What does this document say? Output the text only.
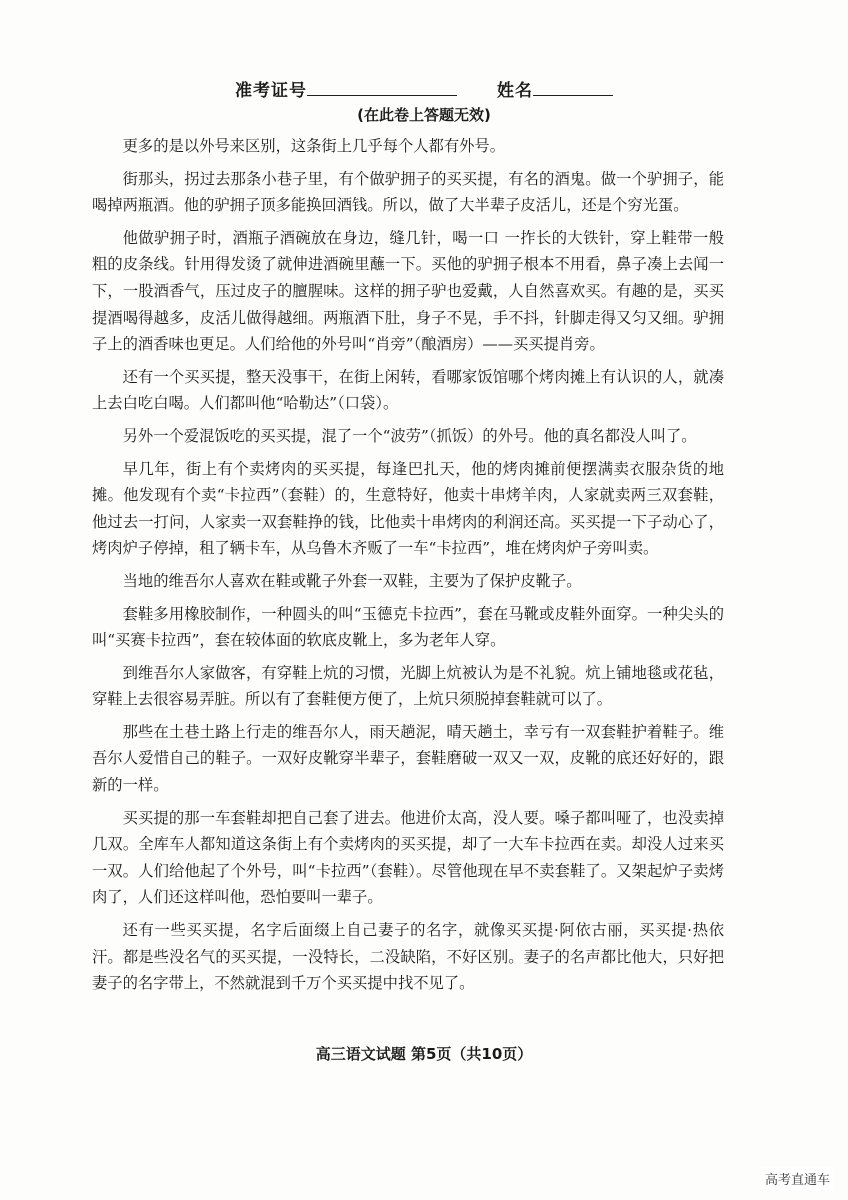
准考证号	姓名
(在此卷上答题无效)

更多的是以外号来区别，这条街上几乎每个人都有外号。

街那头，拐过去那条小巷子里，有个做驴拥子的买买提，有名的酒鬼。做一个驴拥子，能喝掉两瓶酒。他的驴拥子顶多能换回酒钱。所以，做了大半辈子皮活儿，还是个穷光蛋。

他做驴拥子时，酒瓶子酒碗放在身边，缝几针，喝一口 一拃长的大铁针，穿上鞋带一般粗的皮条线。针用得发烫了就伸进酒碗里蘸一下。买他的驴拥子根本不用看，鼻子凑上去闻一下，一股酒香气，压过皮子的膻腥味。这样的拥子驴也爱戴，人自然喜欢买。有趣的是，买买提酒喝得越多，皮活儿做得越细。两瓶酒下肚，身子不晃，手不抖，针脚走得又匀又细。驴拥子上的酒香味也更足。人们给他的外号叫“肖旁”（酿酒房）——买买提肖旁。

还有一个买买提，整天没事干，在街上闲转，看哪家饭馆哪个烤肉摊上有认识的人，就凑上去白吃白喝。人们都叫他“哈勒达”（口袋）。

另外一个爱混饭吃的买买提，混了一个“波劳”（抓饭）的外号。他的真名都没人叫了。

早几年，街上有个卖烤肉的买买提，每逢巴扎天，他的烤肉摊前便摆满卖衣服杂货的地摊。他发现有个卖“卡拉西”（套鞋）的，生意特好，他卖十串烤羊肉，人家就卖两三双套鞋，他过去一打问，人家卖一双套鞋挣的钱，比他卖十串烤肉的利润还高。买买提一下子动心了，烤肉炉子停掉，租了辆卡车，从乌鲁木齐贩了一车“卡拉西”，堆在烤肉炉子旁叫卖。

当地的维吾尔人喜欢在鞋或靴子外套一双鞋，主要为了保护皮靴子。

套鞋多用橡胶制作，一种圆头的叫“玉德克卡拉西”，套在马靴或皮鞋外面穿。一种尖头的叫“买赛卡拉西”，套在较体面的软底皮靴上，多为老年人穿。

到维吾尔人家做客，有穿鞋上炕的习惯，光脚上炕被认为是不礼貌。炕上铺地毯或花毡，穿鞋上去很容易弄脏。所以有了套鞋便方便了，上炕只须脱掉套鞋就可以了。

那些在土巷土路上行走的维吾尔人，雨天趟泥，晴天趟土，幸亏有一双套鞋护着鞋子。维吾尔人爱惜自己的鞋子。一双好皮靴穿半辈子，套鞋磨破一双又一双，皮靴的底还好好的，跟新的一样。

买买提的那一车套鞋却把自己套了进去。他进价太高，没人要。嗓子都叫哑了，也没卖掉几双。全库车人都知道这条街上有个卖烤肉的买买提，却了一大车卡拉西在卖。却没人过来买一双。人们给他起了个外号，叫“卡拉西”（套鞋）。尽管他现在早不卖套鞋了。又架起炉子卖烤肉了，人们还这样叫他，恐怕要叫一辈子。

还有一些买买提，名字后面缀上自己妻子的名字，就像买买提·阿依古丽，买买提·热依汗。都是些没名气的买买提，一没特长，二没缺陷，不好区别。妻子的名声都比他大，只好把妻子的名字带上，不然就混到千万个买买提中找不见了。

高三语文试题 第5页（共10页）
高考直通车
